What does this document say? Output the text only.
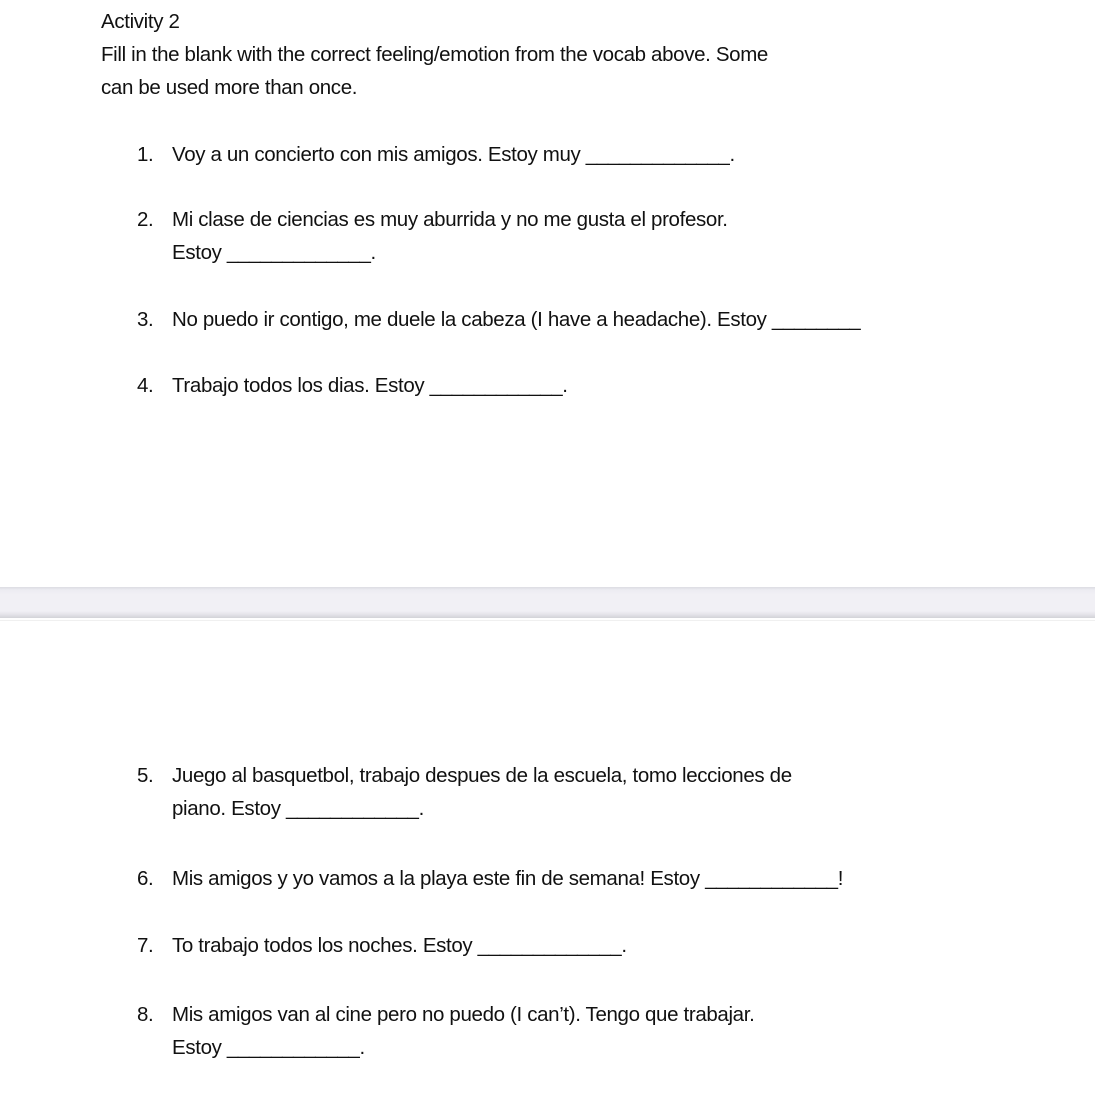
Activity 2
Fill in the blank with the correct feeling/emotion from the vocab above. Some
can be used more than once.
1. Voy a un concierto con mis amigos. Estoy muy _____________.
2. Mi clase de ciencias es muy aburrida y no me gusta el profesor.
Estoy _____________.
3. No puedo ir contigo, me duele la cabeza (I have a headache). Estoy ________
4. Trabajo todos los dias. Estoy ____________.
5. Juego al basquetbol, trabajo despues de la escuela, tomo lecciones de
piano. Estoy ____________.
6. Mis amigos y yo vamos a la playa este fin de semana! Estoy ____________!
7. To trabajo todos los noches. Estoy _____________.
8. Mis amigos van al cine pero no puedo (I can’t). Tengo que trabajar.
Estoy ____________.
